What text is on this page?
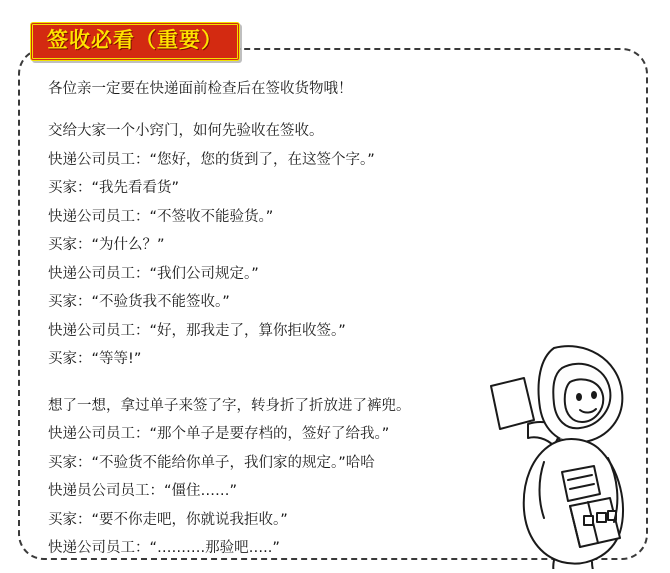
签收必看（重要）

各位亲一定要在快递面前检查后在签收货物哦！

交给大家一个小窍门，如何先验收在签收。

快递公司员工：“您好，您的货到了，在这签个字。”

买家：“我先看看货”

快递公司员工：“不签收不能验货。”

买家：“为什么？”

快递公司员工：“我们公司规定。”

买家：“不验货我不能签收。”

快递公司员工：“好，那我走了，算你拒收签。”

买家：“等等!”

想了一想，拿过单子来签了字，转身折了折放进了裤兜。

快递公司员工：“那个单子是要存档的，签好了给我。”

买家：“不验货不能给你单子，我们家的规定。”哈哈

快递员公司员工：“僵住……”

买家：“要不你走吧，你就说我拒收。”

快递公司员工：“……….那验吧…..”
